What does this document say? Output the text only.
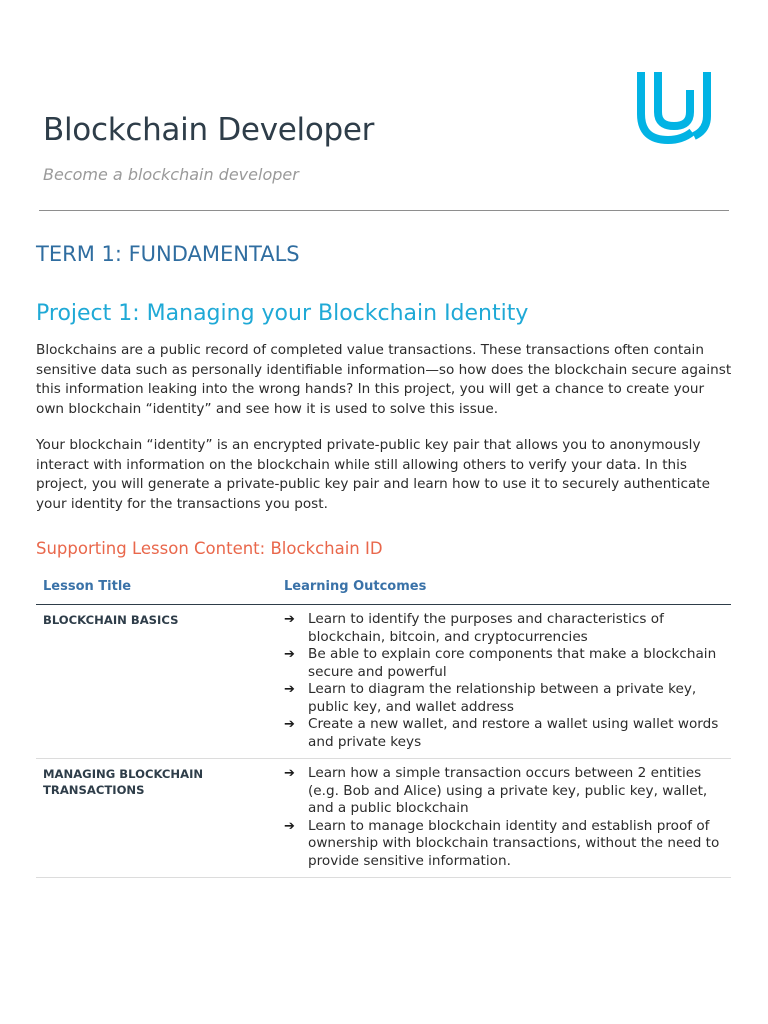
Blockchain Developer

Become a blockchain developer

TERM 1: FUNDAMENTALS
Project 1: Managing your Blockchain Identity

Blockchains are a public record of completed value transactions. These transactions often contain sensitive data such as personally identifiable information—so how does the blockchain secure against this information leaking into the wrong hands? In this project, you will get a chance to create your own blockchain “identity” and see how it is used to solve this issue.

Your blockchain “identity” is an encrypted private-public key pair that allows you to anonymously interact with information on the blockchain while still allowing others to verify your data. In this project, you will generate a private-public key pair and learn how to use it to securely authenticate your identity for the transactions you post.

Supporting Lesson Content: Blockchain ID
Lesson Title	Learning Outcomes
BLOCKCHAIN BASICS	➔ Learn to identify the purposes and characteristics of blockchain, bitcoin, and cryptocurrencies
➔ Be able to explain core components that make a blockchain secure and powerful
➔ Learn to diagram the relationship between a private key, public key, and wallet address
➔ Create a new wallet, and restore a wallet using wallet words and private keys
MANAGING BLOCKCHAIN TRANSACTIONS
➔ Learn how a simple transaction occurs between 2 entities (e.g. Bob and Alice) using a private key, public key, wallet, and a public blockchain
➔ Learn to manage blockchain identity and establish proof of ownership with blockchain transactions, without the need to provide sensitive information.
